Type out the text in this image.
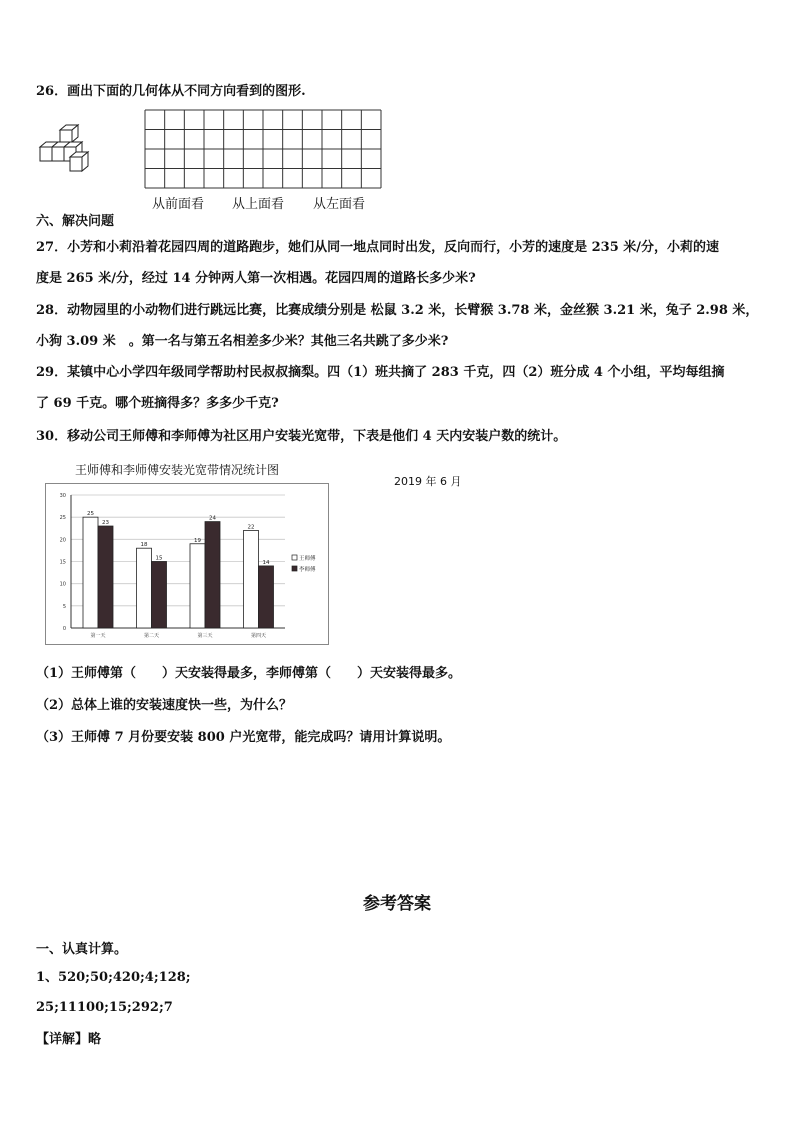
26．画出下面的几何体从不同方向看到的图形.
从前面看 从上面看 从左面看
六、解决问题
27．小芳和小莉沿着花园四周的道路跑步，她们从同一地点同时出发，反向而行，小芳的速度是 235 米/分，小莉的速
度是 265 米/分，经过 14 分钟两人第一次相遇。花园四周的道路长多少米?
28．动物园里的小动物们进行跳远比赛，比赛成绩分别是 松鼠 3.2 米，长臂猴 3.78 米，金丝猴 3.21 米，兔子 2.98 米，
小狗 3.09 米　。第一名与第五名相差多少米？其他三名共跳了多少米?
29．某镇中心小学四年级同学帮助村民叔叔摘梨。四（1）班共摘了 283 千克，四（2）班分成 4 个小组，平均每组摘
了 69 千克。哪个班摘得多？多多少千克?
30．移动公司王师傅和李师傅为社区用户安装光宽带，下表是他们 4 天内安装户数的统计。
王师傅和李师傅安装光宽带情况统计图
2019 年 6 月
0
5
10
15
20
25
30
25
23
18
15
19
24
22
14
第一天	第二天	第三天	第四天
王师傅
李师傅
（1）王师傅第（　　）天安装得最多，李师傅第（　　）天安装得最多。
（2）总体上谁的安装速度快一些，为什么？
（3）王师傅 7 月份要安装 800 户光宽带，能完成吗？请用计算说明。
参考答案
一、认真计算。
1、520;50;420;4;128;
25;11100;15;292;7
【详解】略
